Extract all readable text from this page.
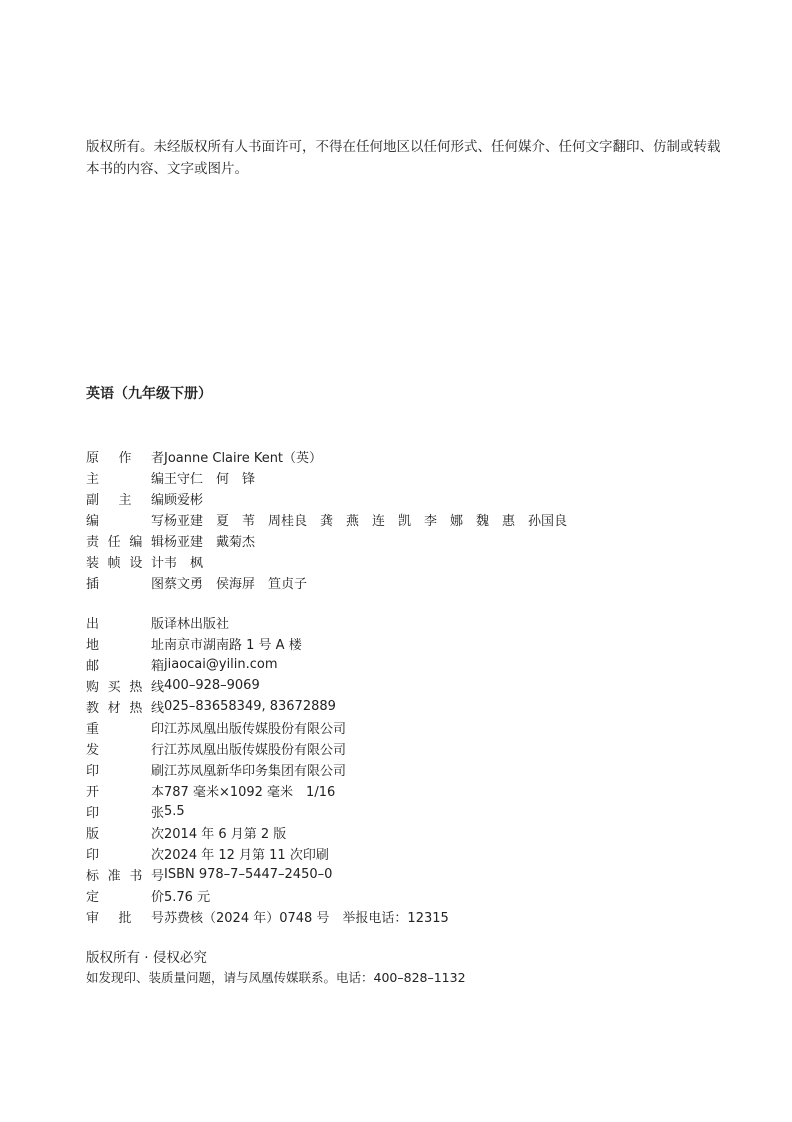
版权所有。未经版权所有人书面许可，不得在任何地区以任何形式、任何媒介、任何文字翻印、仿制或转载本书的内容、文字或图片。

英语（九年级下册）
原作者 Joanne Claire Kent（英）
主编 王守仁　何　锋
副主编 顾爱彬
编写 杨亚建　夏　苇　周桂良　龚　燕　连　凯　李　娜　魏　惠　孙国良
责任编辑 杨亚建　戴菊杰
装帧设计 韦　枫
插图 蔡文勇　侯海屏　笪贞子
出版 译林出版社
地址 南京市湖南路 1 号 A 楼
邮箱 jiaocai@yilin.com
购买热线 400–928–9069
教材热线 025–83658349, 83672889
重印 江苏凤凰出版传媒股份有限公司
发行 江苏凤凰出版传媒股份有限公司
印刷 江苏凤凰新华印务集团有限公司
开本 787 毫米×1092 毫米　1/16
印张 5.5
版次 2014 年 6 月第 2 版
印次 2024 年 12 月第 11 次印刷
标准书号 ISBN 978–7–5447–2450–0
定价 5.76 元
审批号 苏费核（2024 年）0748 号　举报电话：12315

版权所有 · 侵权必究

如发现印、装质量问题，请与凤凰传媒联系。电话：400–828–1132
